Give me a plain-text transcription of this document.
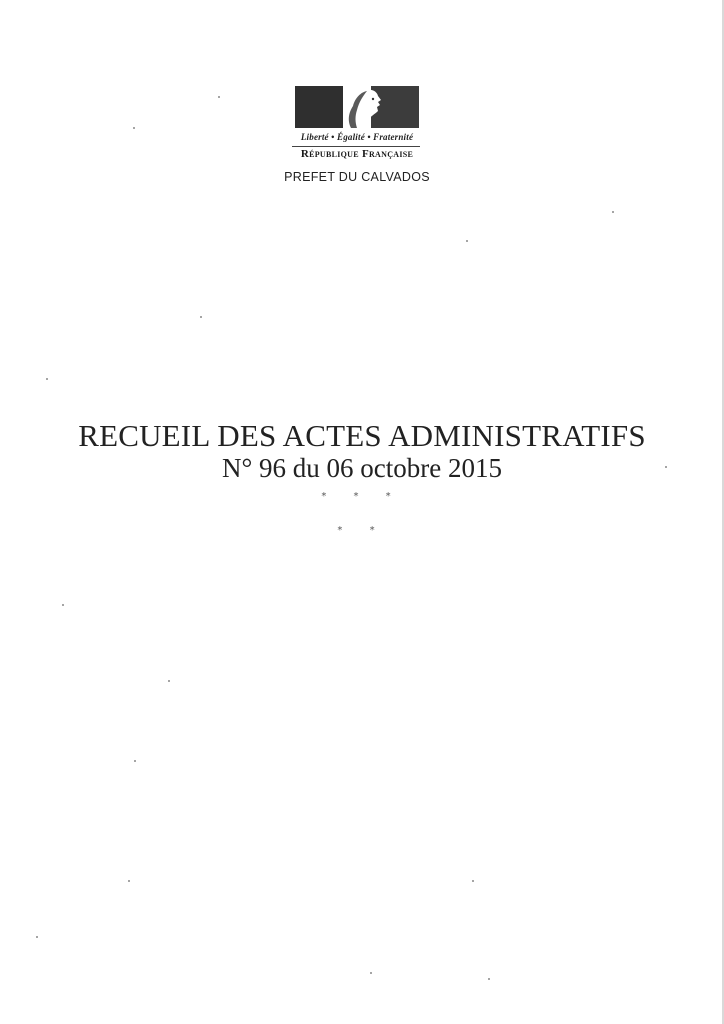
Liberté • Égalité • Fraternité
République Française
PREFET DU CALVADOS
RECUEIL DES ACTES ADMINISTRATIFS
N° 96 du 06 octobre 2015
* * *
* *
